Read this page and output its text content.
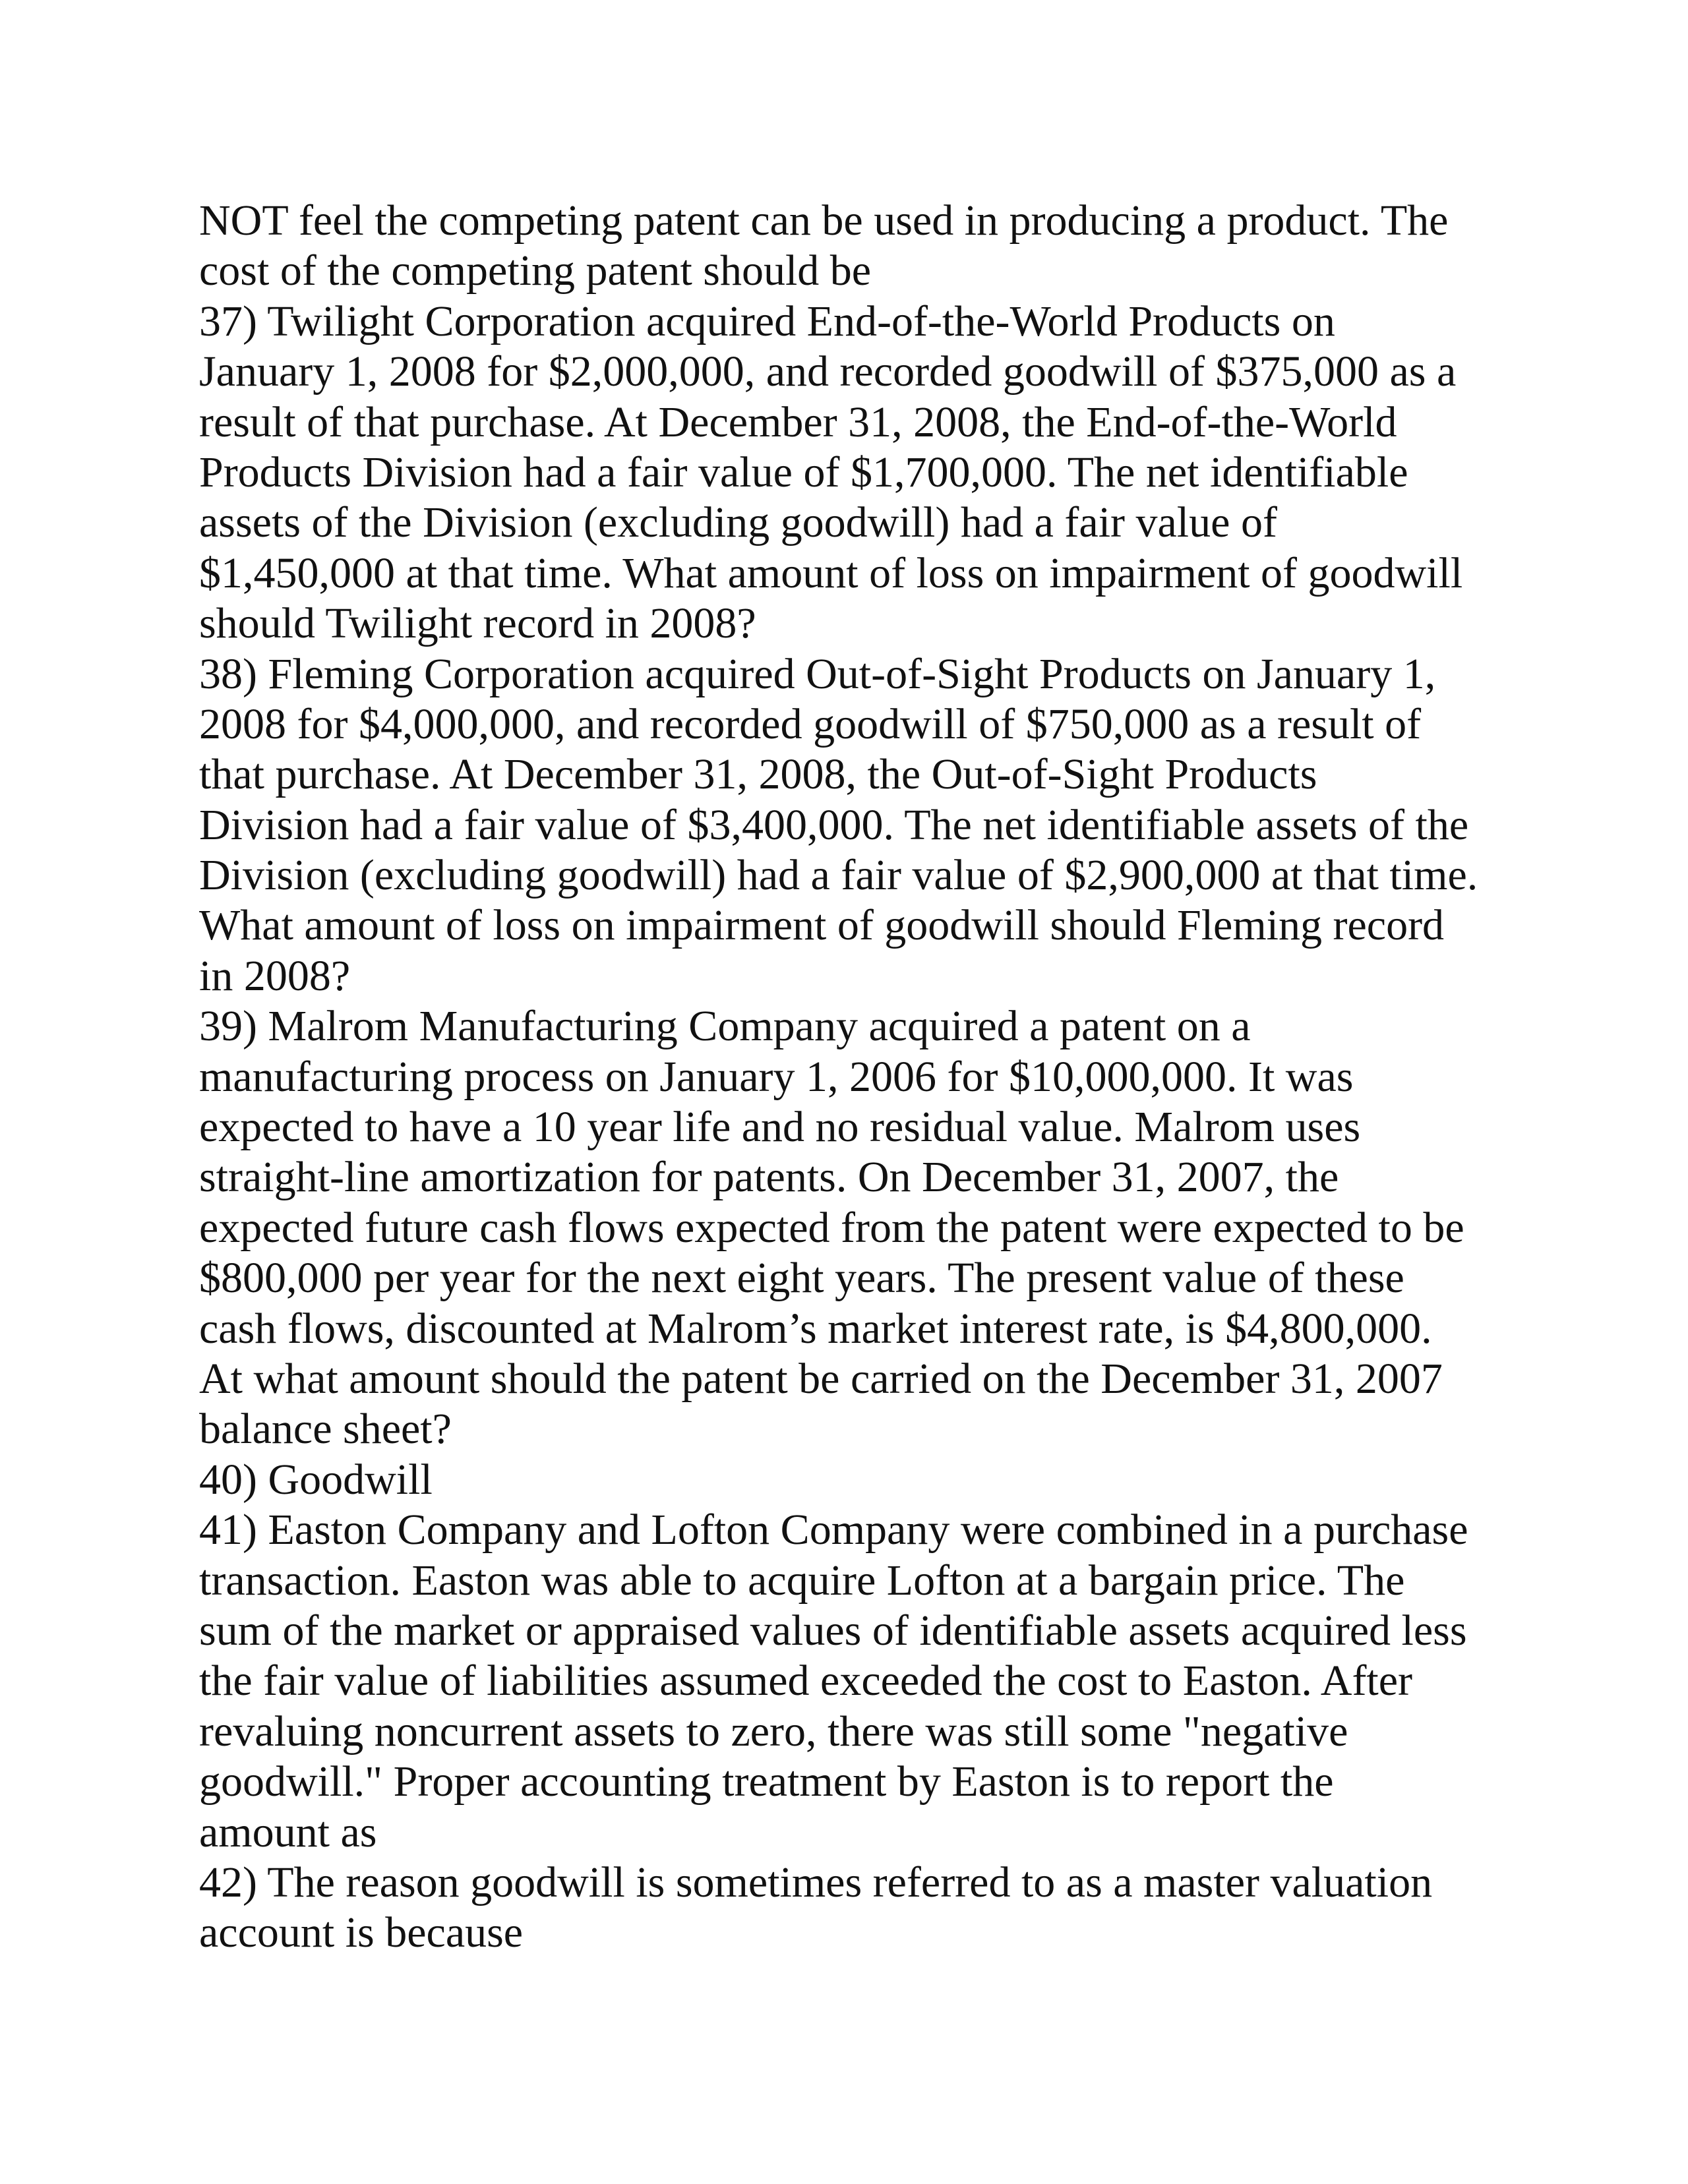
NOT feel the competing patent can be used in producing a product. The
cost of the competing patent should be
37) Twilight Corporation acquired End-of-the-World Products on
January 1, 2008 for $2,000,000, and recorded goodwill of $375,000 as a
result of that purchase. At December 31, 2008, the End-of-the-World
Products Division had a fair value of $1,700,000. The net identifiable
assets of the Division (excluding goodwill) had a fair value of
$1,450,000 at that time. What amount of loss on impairment of goodwill
should Twilight record in 2008?
38) Fleming Corporation acquired Out-of-Sight Products on January 1,
2008 for $4,000,000, and recorded goodwill of $750,000 as a result of
that purchase. At December 31, 2008, the Out-of-Sight Products
Division had a fair value of $3,400,000. The net identifiable assets of the
Division (excluding goodwill) had a fair value of $2,900,000 at that time.
What amount of loss on impairment of goodwill should Fleming record
in 2008?
39) Malrom Manufacturing Company acquired a patent on a
manufacturing process on January 1, 2006 for $10,000,000. It was
expected to have a 10 year life and no residual value. Malrom uses
straight-line amortization for patents. On December 31, 2007, the
expected future cash flows expected from the patent were expected to be
$800,000 per year for the next eight years. The present value of these
cash flows, discounted at Malrom’s market interest rate, is $4,800,000.
At what amount should the patent be carried on the December 31, 2007
balance sheet?
40) Goodwill
41) Easton Company and Lofton Company were combined in a purchase
transaction. Easton was able to acquire Lofton at a bargain price. The
sum of the market or appraised values of identifiable assets acquired less
the fair value of liabilities assumed exceeded the cost to Easton. After
revaluing noncurrent assets to zero, there was still some "negative
goodwill." Proper accounting treatment by Easton is to report the
amount as
42) The reason goodwill is sometimes referred to as a master valuation
account is because
